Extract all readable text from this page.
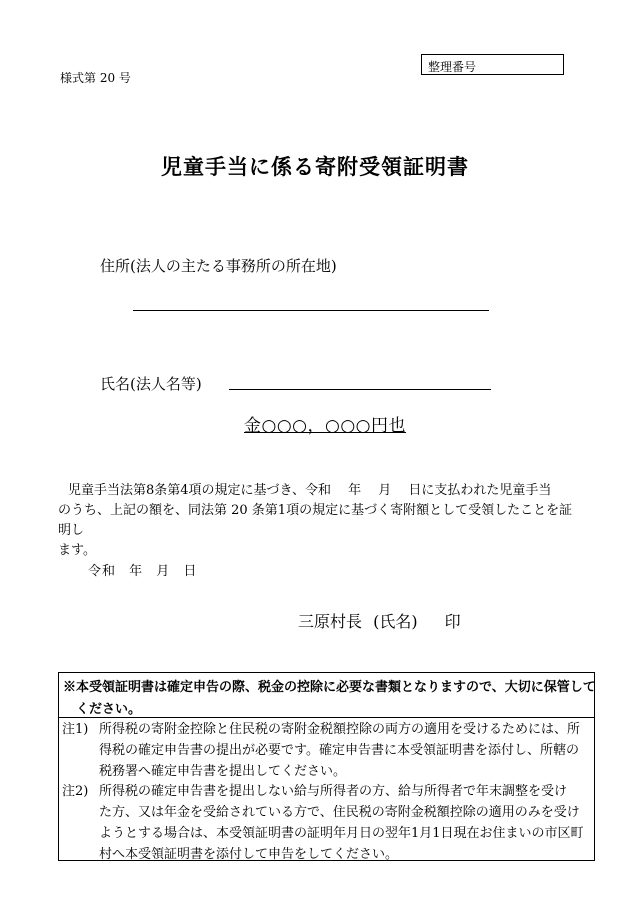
様式第 20 号
整理番号
児童手当に係る寄附受領証明書
住所(法人の主たる事務所の所在地)
氏名(法人名等)
金○○○，○○○円也
児童手当法第8条第4項の規定に基づき、令和　 年　 月　 日に支払われた児童手当
のうち、上記の額を、同法第 20 条第1項の規定に基づく寄附額として受領したことを証明し
ます。
令和 年 月 日
三原村長 (氏名)　 印
※本受領証明書は確定申告の際、税金の控除に必要な書類となりますので、大切に保管して
ください。
注1) 所得税の寄附金控除と住民税の寄附金税額控除の両方の適用を受けるためには、所
得税の確定申告書の提出が必要です。確定申告書に本受領証明書を添付し、所轄の
税務署へ確定申告書を提出してください。
注2) 所得税の確定申告書を提出しない給与所得者の方、給与所得者で年末調整を受け
た方、又は年金を受給されている方で、住民税の寄附金税額控除の適用のみを受け
ようとする場合は、本受領証明書の証明年月日の翌年1月1日現在お住まいの市区町
村へ本受領証明書を添付して申告をしてください。
